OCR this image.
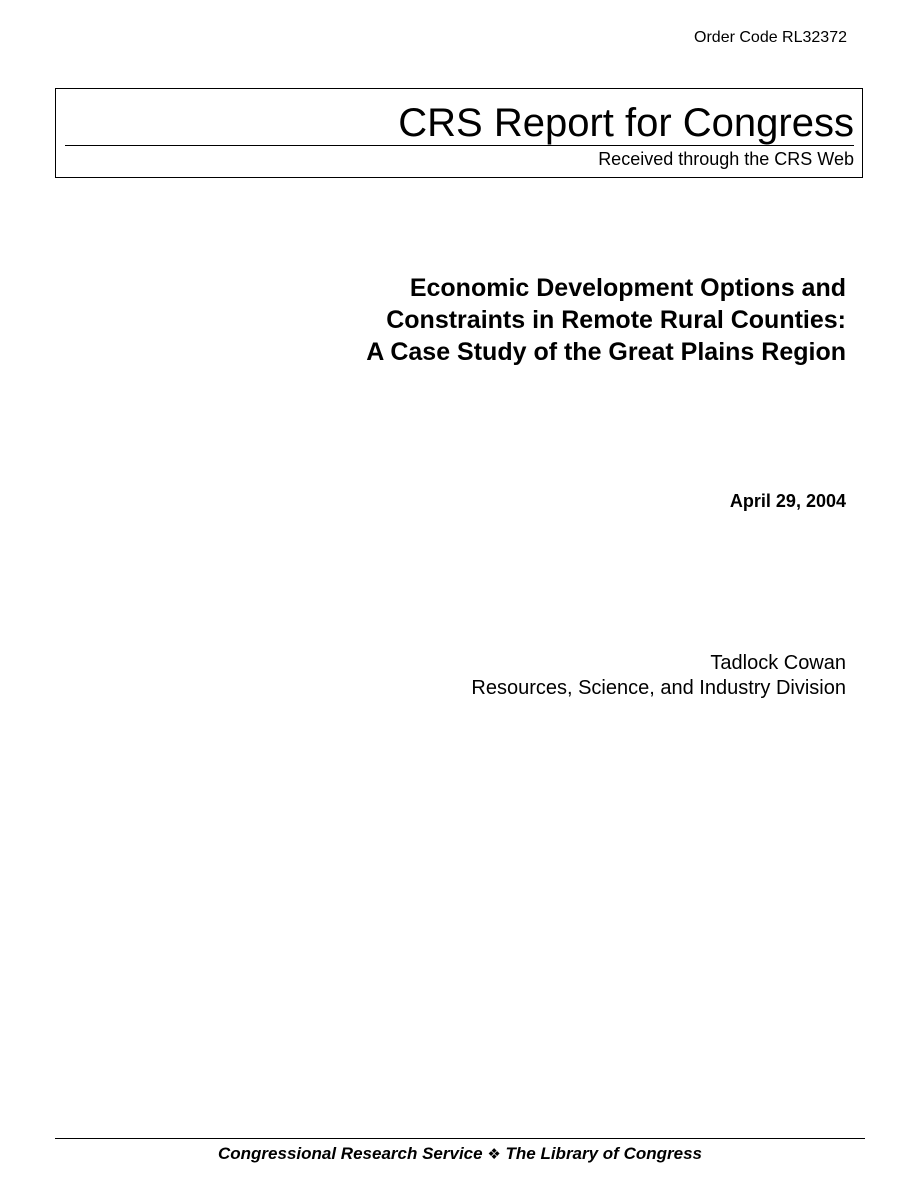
Order Code RL32372
CRS Report for Congress
Received through the CRS Web
Economic Development Options and
Constraints in Remote Rural Counties:
A Case Study of the Great Plains Region
April 29, 2004
Tadlock Cowan
Resources, Science, and Industry Division
Congressional Research Service ❖ The Library of Congress
